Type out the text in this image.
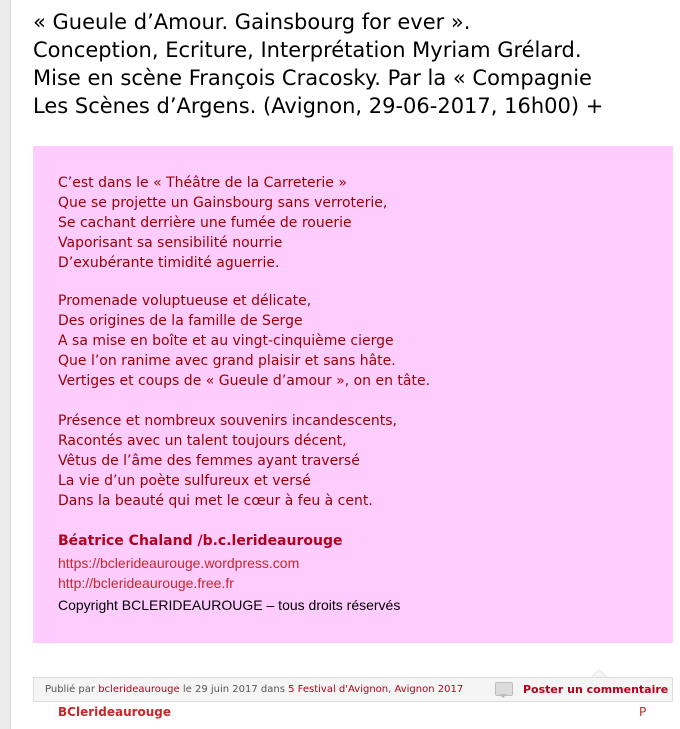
« Gueule d’Amour. Gainsbourg for ever ».
Conception, Ecriture, Interprétation Myriam Grélard.
Mise en scène François Cracosky. Par la « Compagnie
Les Scènes d’Argens. (Avignon, 29-06-2017, 16h00) +
C’est dans le « Théâtre de la Carreterie »
Que se projette un Gainsbourg sans verroterie,
Se cachant derrière une fumée de rouerie
Vaporisant sa sensibilité nourrie
D’exubérante timidité aguerrie.
Promenade voluptueuse et délicate,
Des origines de la famille de Serge
A sa mise en boîte et au vingt-cinquième cierge
Que l’on ranime avec grand plaisir et sans hâte.
Vertiges et coups de « Gueule d’amour », on en tâte.
Présence et nombreux souvenirs incandescents,
Racontés avec un talent toujours décent,
Vêtus de l’âme des femmes ayant traversé
La vie d’un poète sulfureux et versé
Dans la beauté qui met le cœur à feu à cent.
Béatrice Chaland /b.c.lerideaurouge
https://bclerideaurouge.wordpress.com
http://bclerideaurouge.free.fr
Copyright BCLERIDEAUROUGE – tous droits réservés
Publié par bclerideaurouge le 29 juin 2017 dans 5 Festival d'Avignon, Avignon 2017	Poster un commentaire
BClerideaurouge	P
